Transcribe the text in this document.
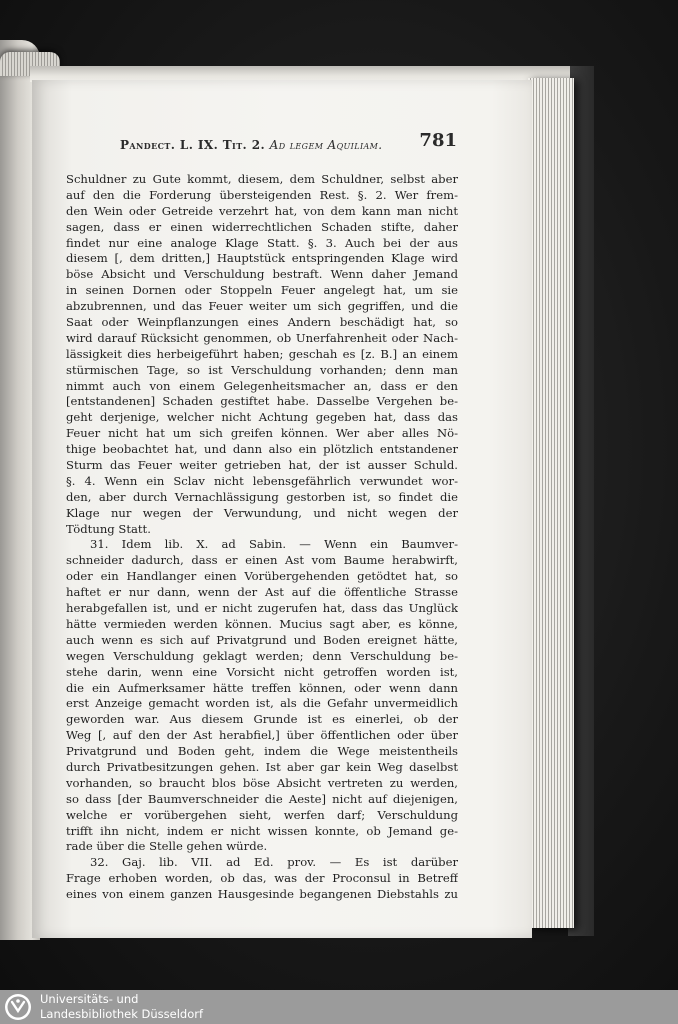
Pandect. L. IX. Tit. 2. Ad legem Aquiliam. 781
Schuldner zu Gute kommt, diesem, dem Schuldner, selbst aber
auf den die Forderung übersteigenden Rest. §. 2. Wer frem-
den Wein oder Getreide verzehrt hat, von dem kann man nicht
sagen, dass er einen widerrechtlichen Schaden stifte, daher
findet nur eine analoge Klage Statt. §. 3. Auch bei der aus
diesem [, dem dritten,] Hauptstück entspringenden Klage wird
böse Absicht und Verschuldung bestraft. Wenn daher Jemand
in seinen Dornen oder Stoppeln Feuer angelegt hat, um sie
abzubrennen, und das Feuer weiter um sich gegriffen, und die
Saat oder Weinpflanzungen eines Andern beschädigt hat, so
wird darauf Rücksicht genommen, ob Unerfahrenheit oder Nach-
lässigkeit dies herbeigeführt haben; geschah es [z. B.] an einem
stürmischen Tage, so ist Verschuldung vorhanden; denn man
nimmt auch von einem Gelegenheitsmacher an, dass er den
[entstandenen] Schaden gestiftet habe. Dasselbe Vergehen be-
geht derjenige, welcher nicht Achtung gegeben hat, dass das
Feuer nicht hat um sich greifen können. Wer aber alles Nö-
thige beobachtet hat, und dann also ein plötzlich entstandener
Sturm das Feuer weiter getrieben hat, der ist ausser Schuld.
§. 4. Wenn ein Sclav nicht lebensgefährlich verwundet wor-
den, aber durch Vernachlässigung gestorben ist, so findet die
Klage nur wegen der Verwundung, und nicht wegen der
Tödtung Statt.
31. Idem lib. X. ad Sabin. — Wenn ein Baumver-
schneider dadurch, dass er einen Ast vom Baume herabwirft,
oder ein Handlanger einen Vorübergehenden getödtet hat, so
haftet er nur dann, wenn der Ast auf die öffentliche Strasse
herabgefallen ist, und er nicht zugerufen hat, dass das Unglück
hätte vermieden werden können. Mucius sagt aber, es könne,
auch wenn es sich auf Privatgrund und Boden ereignet hätte,
wegen Verschuldung geklagt werden; denn Verschuldung be-
stehe darin, wenn eine Vorsicht nicht getroffen worden ist,
die ein Aufmerksamer hätte treffen können, oder wenn dann
erst Anzeige gemacht worden ist, als die Gefahr unvermeidlich
geworden war. Aus diesem Grunde ist es einerlei, ob der
Weg [, auf den der Ast herabfiel,] über öffentlichen oder über
Privatgrund und Boden geht, indem die Wege meistentheils
durch Privatbesitzungen gehen. Ist aber gar kein Weg daselbst
vorhanden, so braucht blos böse Absicht vertreten zu werden,
so dass [der Baumverschneider die Aeste] nicht auf diejenigen,
welche er vorübergehen sieht, werfen darf; Verschuldung
trifft ihn nicht, indem er nicht wissen konnte, ob Jemand ge-
rade über die Stelle gehen würde.
32. Gaj. lib. VII. ad Ed. prov. — Es ist darüber
Frage erhoben worden, ob das, was der Proconsul in Betreff
eines von einem ganzen Hausgesinde begangenen Diebstahls zu
Universitäts- und
Landesbibliothek Düsseldorf
